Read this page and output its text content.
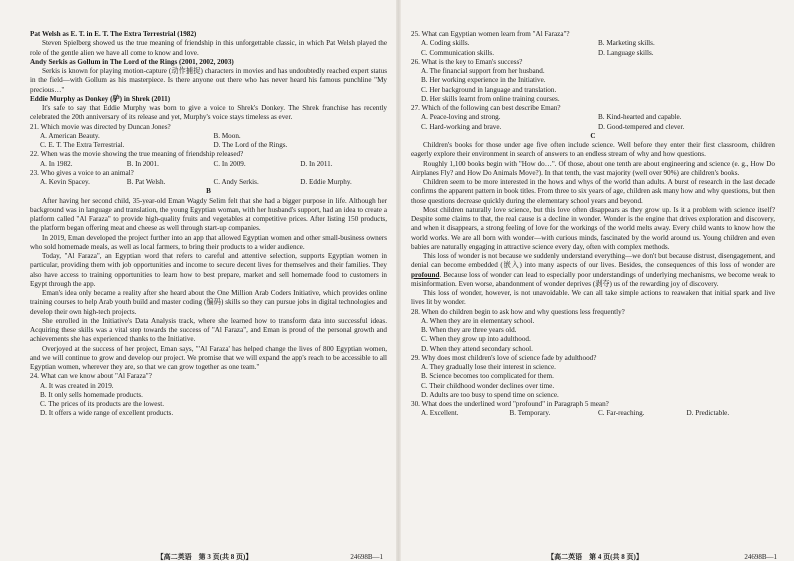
Pat Welsh as E. T. in E. T. The Extra Terrestrial (1982)

Steven Spielberg showed us the true meaning of friendship in this unforgettable classic, in which Pat Welsh played the role of the gentle alien we have all come to know and love.

Andy Serkis as Gollum in The Lord of the Rings (2001, 2002, 2003)

Serkis is known for playing motion-capture (动作捕捉) characters in movies and has undoubtedly reached expert status in the field—with Gollum as his masterpiece. Is there anyone out there who has never heard his famous punchline "My precious…"

Eddie Murphy as Donkey (驴) in Shrek (2011)

It's safe to say that Eddie Murphy was born to give a voice to Shrek's Donkey. The Shrek franchise has recently celebrated the 20th anniversary of its release and yet, Murphy's voice stays timeless as ever.

21. Which movie was directed by Duncan Jones?
A. American Beauty.	B. Moon.
C. E. T. The Extra Terrestrial.	D. The Lord of the Rings.
22. When was the movie showing the true meaning of friendship released?
A. In 1982.	B. In 2001.	C. In 2009.	D. In 2011.
23. Who gives a voice to an animal?
A. Kevin Spacey.	B. Pat Welsh.	C. Andy Serkis.	D. Eddie Murphy.
B

After having her second child, 35-year-old Eman Wagdy Selim felt that she had a bigger purpose in life. Although her background was in language and translation, the young Egyptian woman, with her husband's support, had an idea to create a platform called "Al Faraza" to provide high-quality fruits and vegetables at competitive prices. After listing 150 products, the platform began offering meat and cheese as well through start-up companies.

In 2019, Eman developed the project further into an app that allowed Egyptian women and other small-business owners who sold homemade meals, as well as local farmers, to bring their products to a wider audience.

Today, "Al Faraza", an Egyptian word that refers to careful and attentive selection, supports Egyptian women in particular, providing them with job opportunities and income to secure decent lives for themselves and their families. They also have access to training opportunities to learn how to best prepare, market and sell homemade food to customers in Egypt through the app.

Eman's idea only became a reality after she heard about the One Million Arab Coders Initiative, which provides online training courses to help Arab youth build and master coding (编码) skills so they can pursue jobs in digital technologies and develop their own high-tech projects.

She enrolled in the Initiative's Data Analysis track, where she learned how to transform data into successful ideas. Acquiring these skills was a vital step towards the success of "Al Faraza", and Eman is proud of the personal growth and achievements she has experienced thanks to the Initiative.

Overjoyed at the success of her project, Eman says, "'Al Faraza' has helped change the lives of 800 Egyptian women, and we will continue to grow and develop our project. We promise that we will expand the app's reach to be accessible to all Egyptian women, wherever they are, so that we can grow together as one team."

24. What can we know about "Al Faraza"?
A. It was created in 2019.
B. It only sells homemade products.
C. The prices of its products are the lowest.
D. It offers a wide range of excellent products.
【高二英语　第 3 页(共 8 页)】	24698B—1
25. What can Egyptian women learn from "Al Faraza"?
A. Coding skills.	B. Marketing skills.
C. Communication skills.	D. Language skills.
26. What is the key to Eman's success?
A. The financial support from her husband.
B. Her working experience in the Initiative.
C. Her background in language and translation.
D. Her skills learnt from online training courses.
27. Which of the following can best describe Eman?
A. Peace-loving and strong.	B. Kind-hearted and capable.
C. Hard-working and brave.	D. Good-tempered and clever.
C

Children's books for those under age five often include science. Well before they enter their first classroom, children eagerly explore their environment in search of answers to an endless stream of why and how questions.

Roughly 1,100 books begin with "How do…". Of those, about one tenth are about engineering and science (e. g., How Do Airplanes Fly? and How Do Animals Move?). In that tenth, the vast majority (well over 90%) are children's books.

Children seem to be more interested in the hows and whys of the world than adults. A burst of research in the last decade confirms the apparent pattern in book titles. From three to six years of age, children ask many how and why questions, but then those questions decrease quickly during the elementary school years and beyond.

Most children naturally love science, but this love often disappears as they grow up. Is it a problem with science itself? Despite some claims to that, the real cause is a decline in wonder. Wonder is the engine that drives exploration and discovery, and when it disappears, a strong feeling of love for the workings of the world melts away. Every child wants to know how the world works. We are all born with wonder—with curious minds, fascinated by the world around us. Young children and even babies are naturally engaging in attractive science every day, often with complex methods.

This loss of wonder is not because we suddenly understand everything—we don't but because distrust, disengagement, and denial can become embedded (嵌入) into many aspects of our lives. Besides, the consequences of this loss of wonder are profound. Because loss of wonder can lead to especially poor understandings of underlying mechanisms, we become weak to misinformation. Even worse, abandonment of wonder deprives (剥夺) us of the rewarding joy of discovery.

This loss of wonder, however, is not unavoidable. We can all take simple actions to reawaken that initial spark and live lives lit by wonder.

28. When do children begin to ask how and why questions less frequently?
A. When they are in elementary school.
B. When they are three years old.
C. When they grow up into adulthood.
D. When they attend secondary school.
29. Why does most children's love of science fade by adulthood?
A. They gradually lose their interest in science.
B. Science becomes too complicated for them.
C. Their childhood wonder declines over time.
D. Adults are too busy to spend time on science.
30. What does the underlined word "profound" in Paragraph 5 mean?
A. Excellent.	B. Temporary.	C. Far-reaching.	D. Predictable.
【高二英语　第 4 页(共 8 页)】	24698B—1
